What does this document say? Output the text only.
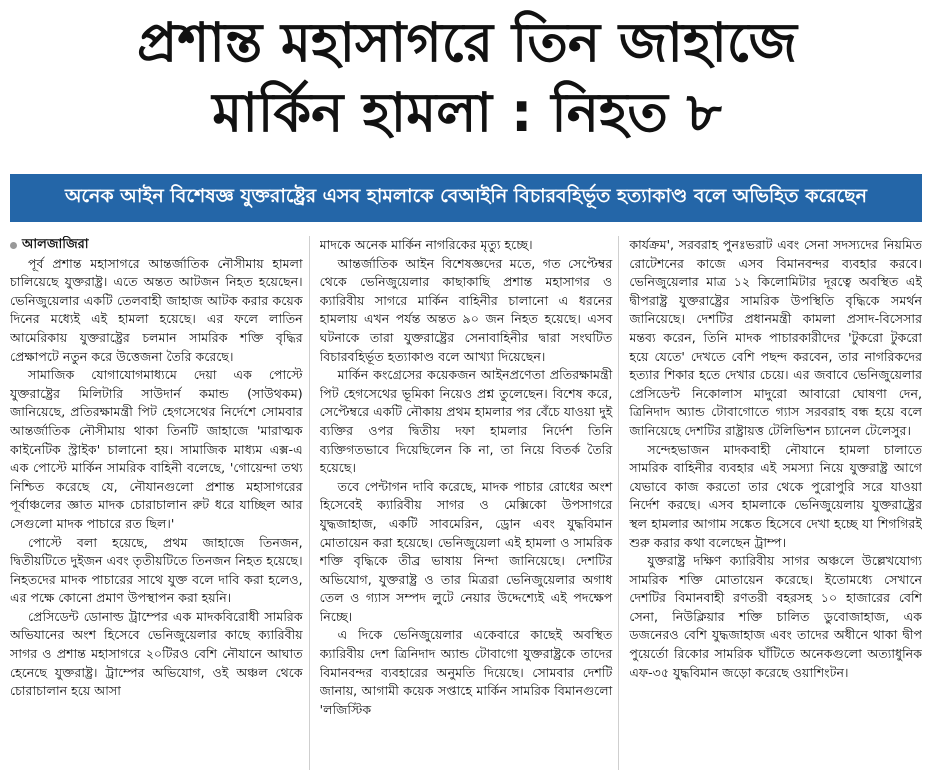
প্রশান্ত মহাসাগরে তিন জাহাজে
মার্কিন হামলা : নিহত ৮
অনেক আইন বিশেষজ্ঞ যুক্তরাষ্ট্রের এসব হামলাকে বেআইনি বিচারবহির্ভূত হত্যাকাণ্ড বলে অভিহিত করেছেন
আলজাজিরা

পূর্ব প্রশান্ত মহাসাগরে আন্তর্জাতিক নৌসীমায় হামলা চালিয়েছে যুক্তরাষ্ট্র। এতে অন্তত আটজন নিহত হয়েছেন। ভেনিজুয়েলার একটি তেলবাহী জাহাজ আটক করার কয়েক দিনের মধ্যেই এই হামলা হয়েছে। এর ফলে লাতিন আমেরিকায় যুক্তরাষ্ট্রের চলমান সামরিক শক্তি বৃদ্ধির প্রেক্ষাপটে নতুন করে উত্তেজনা তৈরি করেছে।

সামাজিক যোগাযোগমাধ্যমে দেয়া এক পোস্টে যুক্তরাষ্ট্রের মিলিটারি সাউদার্ন কমান্ড (সাউথকম) জানিয়েছে, প্রতিরক্ষামন্ত্রী পিট হেগসেথের নির্দেশে সোমবার আন্তর্জাতিক নৌসীমায় থাকা তিনটি জাহাজে 'মারাত্মক কাইনেটিক স্ট্রাইক' চালানো হয়। সামাজিক মাধ্যম এক্স-এ এক পোস্টে মার্কিন সামরিক বাহিনী বলেছে, 'গোয়েন্দা তথ্য নিশ্চিত করেছে যে, নৌযানগুলো প্রশান্ত মহাসাগরের পূর্বাঞ্চলের জ্ঞাত মাদক চোরাচালান রুট ধরে যাচ্ছিল আর সেগুলো মাদক পাচারে রত ছিল।'

পোস্টে বলা হয়েছে, প্রথম জাহাজে তিনজন, দ্বিতীয়টিতে দুইজন এবং তৃতীয়টিতে তিনজন নিহত হয়েছে। নিহতদের মাদক পাচারের সাথে যুক্ত বলে দাবি করা হলেও, এর পক্ষে কোনো প্রমাণ উপস্থাপন করা হয়নি।

প্রেসিডেন্ট ডোনাল্ড ট্রাম্পের এক মাদকবিরোধী সামরিক অভিযানের অংশ হিসেবে ভেনিজুয়েলার কাছে ক্যারিবীয় সাগর ও প্রশান্ত মহাসাগরে ২০টিরও বেশি নৌযানে আঘাত হেনেছে যুক্তরাষ্ট্র। ট্রাম্পের অভিযোগ, ওই অঞ্চল থেকে চোরাচালান হয়ে আসা

মাদকে অনেক মার্কিন নাগরিকের মৃত্যু হচ্ছে।

আন্তর্জাতিক আইন বিশেষজ্ঞদের মতে, গত সেপ্টেম্বর থেকে ভেনিজুয়েলার কাছাকাছি প্রশান্ত মহাসাগর ও ক্যারিবীয় সাগরে মার্কিন বাহিনীর চালানো এ ধরনের হামলায় এখন পর্যন্ত অন্তত ৯০ জন নিহত হয়েছে। এসব ঘটনাকে তারা যুক্তরাষ্ট্রের সেনাবাহিনীর দ্বারা সংঘটিত বিচারবহির্ভূত হত্যাকাণ্ড বলে আখ্যা দিয়েছেন।

মার্কিন কংগ্রেসের কয়েকজন আইনপ্রণেতা প্রতিরক্ষামন্ত্রী পিট হেগসেথের ভূমিকা নিয়েও প্রশ্ন তুলেছেন। বিশেষ করে, সেপ্টেম্বরে একটি নৌকায় প্রথম হামলার পর বেঁচে যাওয়া দুই ব্যক্তির ওপর দ্বিতীয় দফা হামলার নির্দেশ তিনি ব্যক্তিগতভাবে দিয়েছিলেন কি না, তা নিয়ে বিতর্ক তৈরি হয়েছে।

তবে পেন্টাগন দাবি করেছে, মাদক পাচার রোধের অংশ হিসেবেই ক্যারিবীয় সাগর ও মেক্সিকো উপসাগরে যুদ্ধজাহাজ, একটি সাবমেরিন, ড্রোন এবং যুদ্ধবিমান মোতায়েন করা হয়েছে। ভেনিজুয়েলা এই হামলা ও সামরিক শক্তি বৃদ্ধিকে তীব্র ভাষায় নিন্দা জানিয়েছে। দেশটির অভিযোগ, যুক্তরাষ্ট্র ও তার মিত্ররা ভেনিজুয়েলার অগাধ তেল ও গ্যাস সম্পদ লুটে নেয়ার উদ্দেশ্যেই এই পদক্ষেপ নিচ্ছে।

এ দিকে ভেনিজুয়েলার একেবারে কাছেই অবস্থিত ক্যারিবীয় দেশ ত্রিনিদাদ অ্যান্ড টোবাগো যুক্তরাষ্ট্রকে তাদের বিমানবন্দর ব্যবহারের অনুমতি দিয়েছে। সোমবার দেশটি জানায়, আগামী কয়েক সপ্তাহে মার্কিন সামরিক বিমানগুলো 'লজিস্টিক

কার্যক্রম', সরবরাহ পুনঃভরাট এবং সেনা সদস্যদের নিয়মিত রোটেশনের কাজে এসব বিমানবন্দর ব্যবহার করবে। ভেনিজুয়েলার মাত্র ১২ কিলোমিটার দূরত্বে অবস্থিত এই দ্বীপরাষ্ট্র যুক্তরাষ্ট্রের সামরিক উপস্থিতি বৃদ্ধিকে সমর্থন জানিয়েছে। দেশটির প্রধানমন্ত্রী কামলা প্রসাদ-বিসেসার মন্তব্য করেন, তিনি মাদক পাচারকারীদের 'টুকরো টুকরো হয়ে যেতে' দেখতে বেশি পছন্দ করবেন, তার নাগরিকদের হত্যার শিকার হতে দেখার চেয়ে। এর জবাবে ভেনিজুয়েলার প্রেসিডেন্ট নিকোলাস মাদুরো আবারো ঘোষণা দেন, ত্রিনিদাদ অ্যান্ড টোবাগোতে গ্যাস সরবরাহ বন্ধ হয়ে বলে জানিয়েছে দেশটির রাষ্ট্রায়ত্ত টেলিভিশন চ্যানেল টেলেসুর।

সন্দেহভাজন মাদকবাহী নৌযানে হামলা চালাতে সামরিক বাহিনীর ব্যবহার এই সমস্যা নিয়ে যুক্তরাষ্ট্র আগে যেভাবে কাজ করতো তার থেকে পুরোপুরি সরে যাওয়া নির্দেশ করছে। এসব হামলাকে ভেনিজুয়েলায় যুক্তরাষ্ট্রের স্থল হামলার আগাম সঙ্কেত হিসেবে দেখা হচ্ছে যা শিগগিরই শুরু করার কথা বলেছেন ট্রাম্প।

যুক্তরাষ্ট্র দক্ষিণ ক্যারিবীয় সাগর অঞ্চলে উল্লেখযোগ্য সামরিক শক্তি মোতায়েন করেছে। ইতোমধ্যে সেখানে দেশটির বিমানবাহী রণতরী বহরসহ ১০ হাজারের বেশি সেনা, নিউক্লিয়ার শক্তি চালিত ডুবোজাহাজ, এক ডজনেরও বেশি যুদ্ধজাহাজ এবং তাদের অধীনে থাকা দ্বীপ পুয়ের্তো রিকোর সামরিক ঘাঁটিতে অনেকগুলো অত্যাধুনিক এফ-৩৫ যুদ্ধবিমান জড়ো করেছে ওয়াশিংটন।
